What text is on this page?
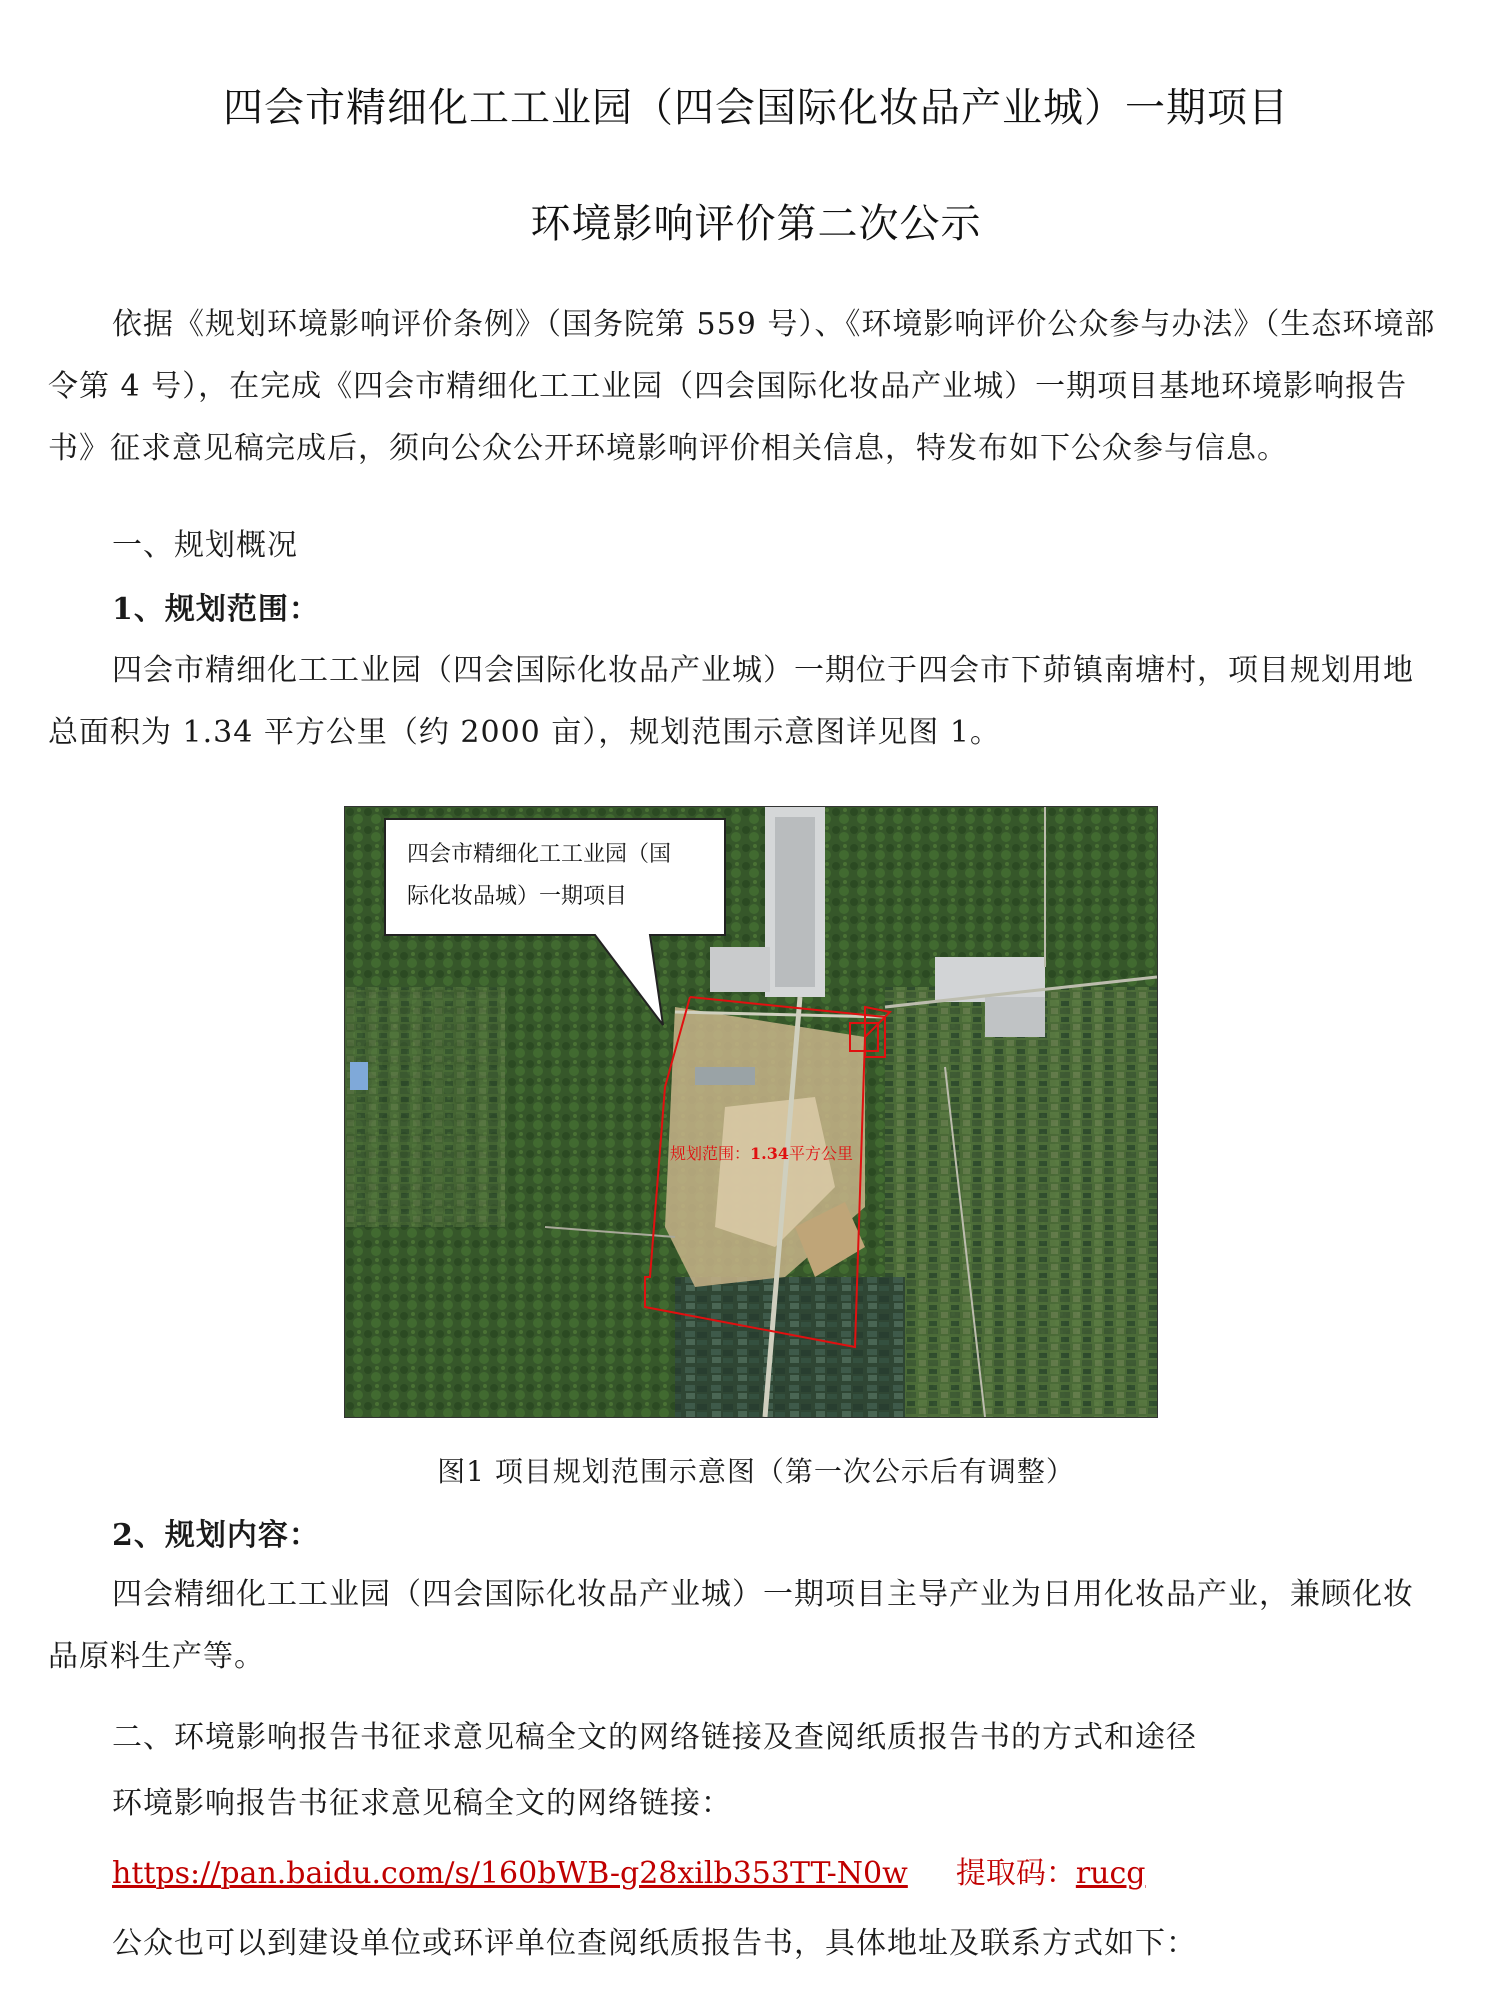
四会市精细化工工业园（四会国际化妆品产业城）一期项目
环境影响评价第二次公示
依据《规划环境影响评价条例》（国务院第 559 号）、《环境影响评价公众参与办法》（生态环境部
令第 4 号），在完成《四会市精细化工工业园（四会国际化妆品产业城）一期项目基地环境影响报告
书》征求意见稿完成后，须向公众公开环境影响评价相关信息，特发布如下公众参与信息。
一、规划概况
1、规划范围：
四会市精细化工工业园（四会国际化妆品产业城）一期位于四会市下茆镇南塘村，项目规划用地
总面积为 1.34 平方公里（约 2000 亩），规划范围示意图详见图 1。
规划范围：1.34平方公里
四会市精细化工工业园（国
际化妆品城）一期项目
图1 项目规划范围示意图（第一次公示后有调整）
2、规划内容：
四会精细化工工业园（四会国际化妆品产业城）一期项目主导产业为日用化妆品产业，兼顾化妆
品原料生产等。
二、环境影响报告书征求意见稿全文的网络链接及查阅纸质报告书的方式和途径
环境影响报告书征求意见稿全文的网络链接：
https://pan.baidu.com/s/160bWB-g28xilb353TT-N0w 提取码：rucg
公众也可以到建设单位或环评单位查阅纸质报告书，具体地址及联系方式如下：
